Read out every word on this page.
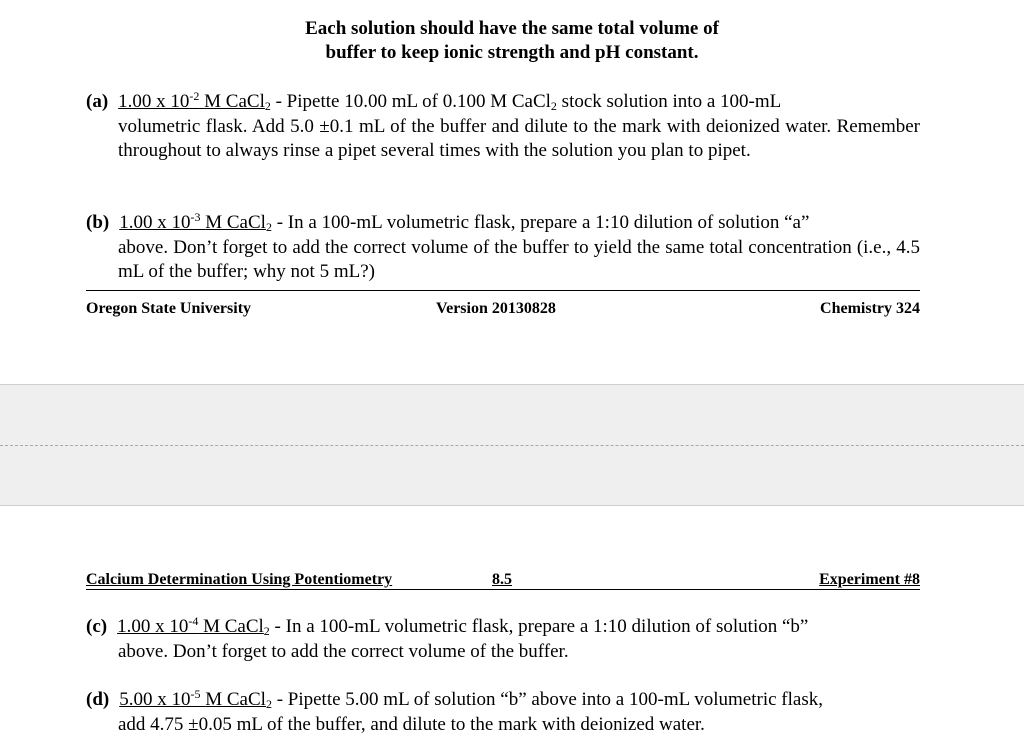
Each solution should have the same total volume of
buffer to keep ionic strength and pH constant.
(a) 1.00 x $10^{-2}$ M CaCl$_2$ - Pipette 10.00 mL of 0.100 M CaCl$_2$ stock solution into a 100-mL
volumetric flask. Add 5.0 ±0.1 mL of the buffer and dilute to the mark with deionized water. Remember throughout to always rinse a pipet several times with the solution you plan to pipet.
(b) 1.00 x $10^{-3}$ M CaCl$_2$ - In a 100-mL volumetric flask, prepare a 1:10 dilution of solution “a”
above. Don’t forget to add the correct volume of the buffer to yield the same total concentration (i.e., 4.5 mL of the buffer; why not 5 mL?)
Oregon State University	Version 20130828	Chemistry 324
Calcium Determination Using Potentiometry	8.5	Experiment #8
(c) 1.00 x $10^{-4}$ M CaCl$_2$ - In a 100-mL volumetric flask, prepare a 1:10 dilution of solution “b”
above. Don’t forget to add the correct volume of the buffer.
(d) 5.00 x $10^{-5}$ M CaCl$_2$ - Pipette 5.00 mL of solution “b” above into a 100-mL volumetric flask,
add 4.75 ±0.05 mL of the buffer, and dilute to the mark with deionized water.
